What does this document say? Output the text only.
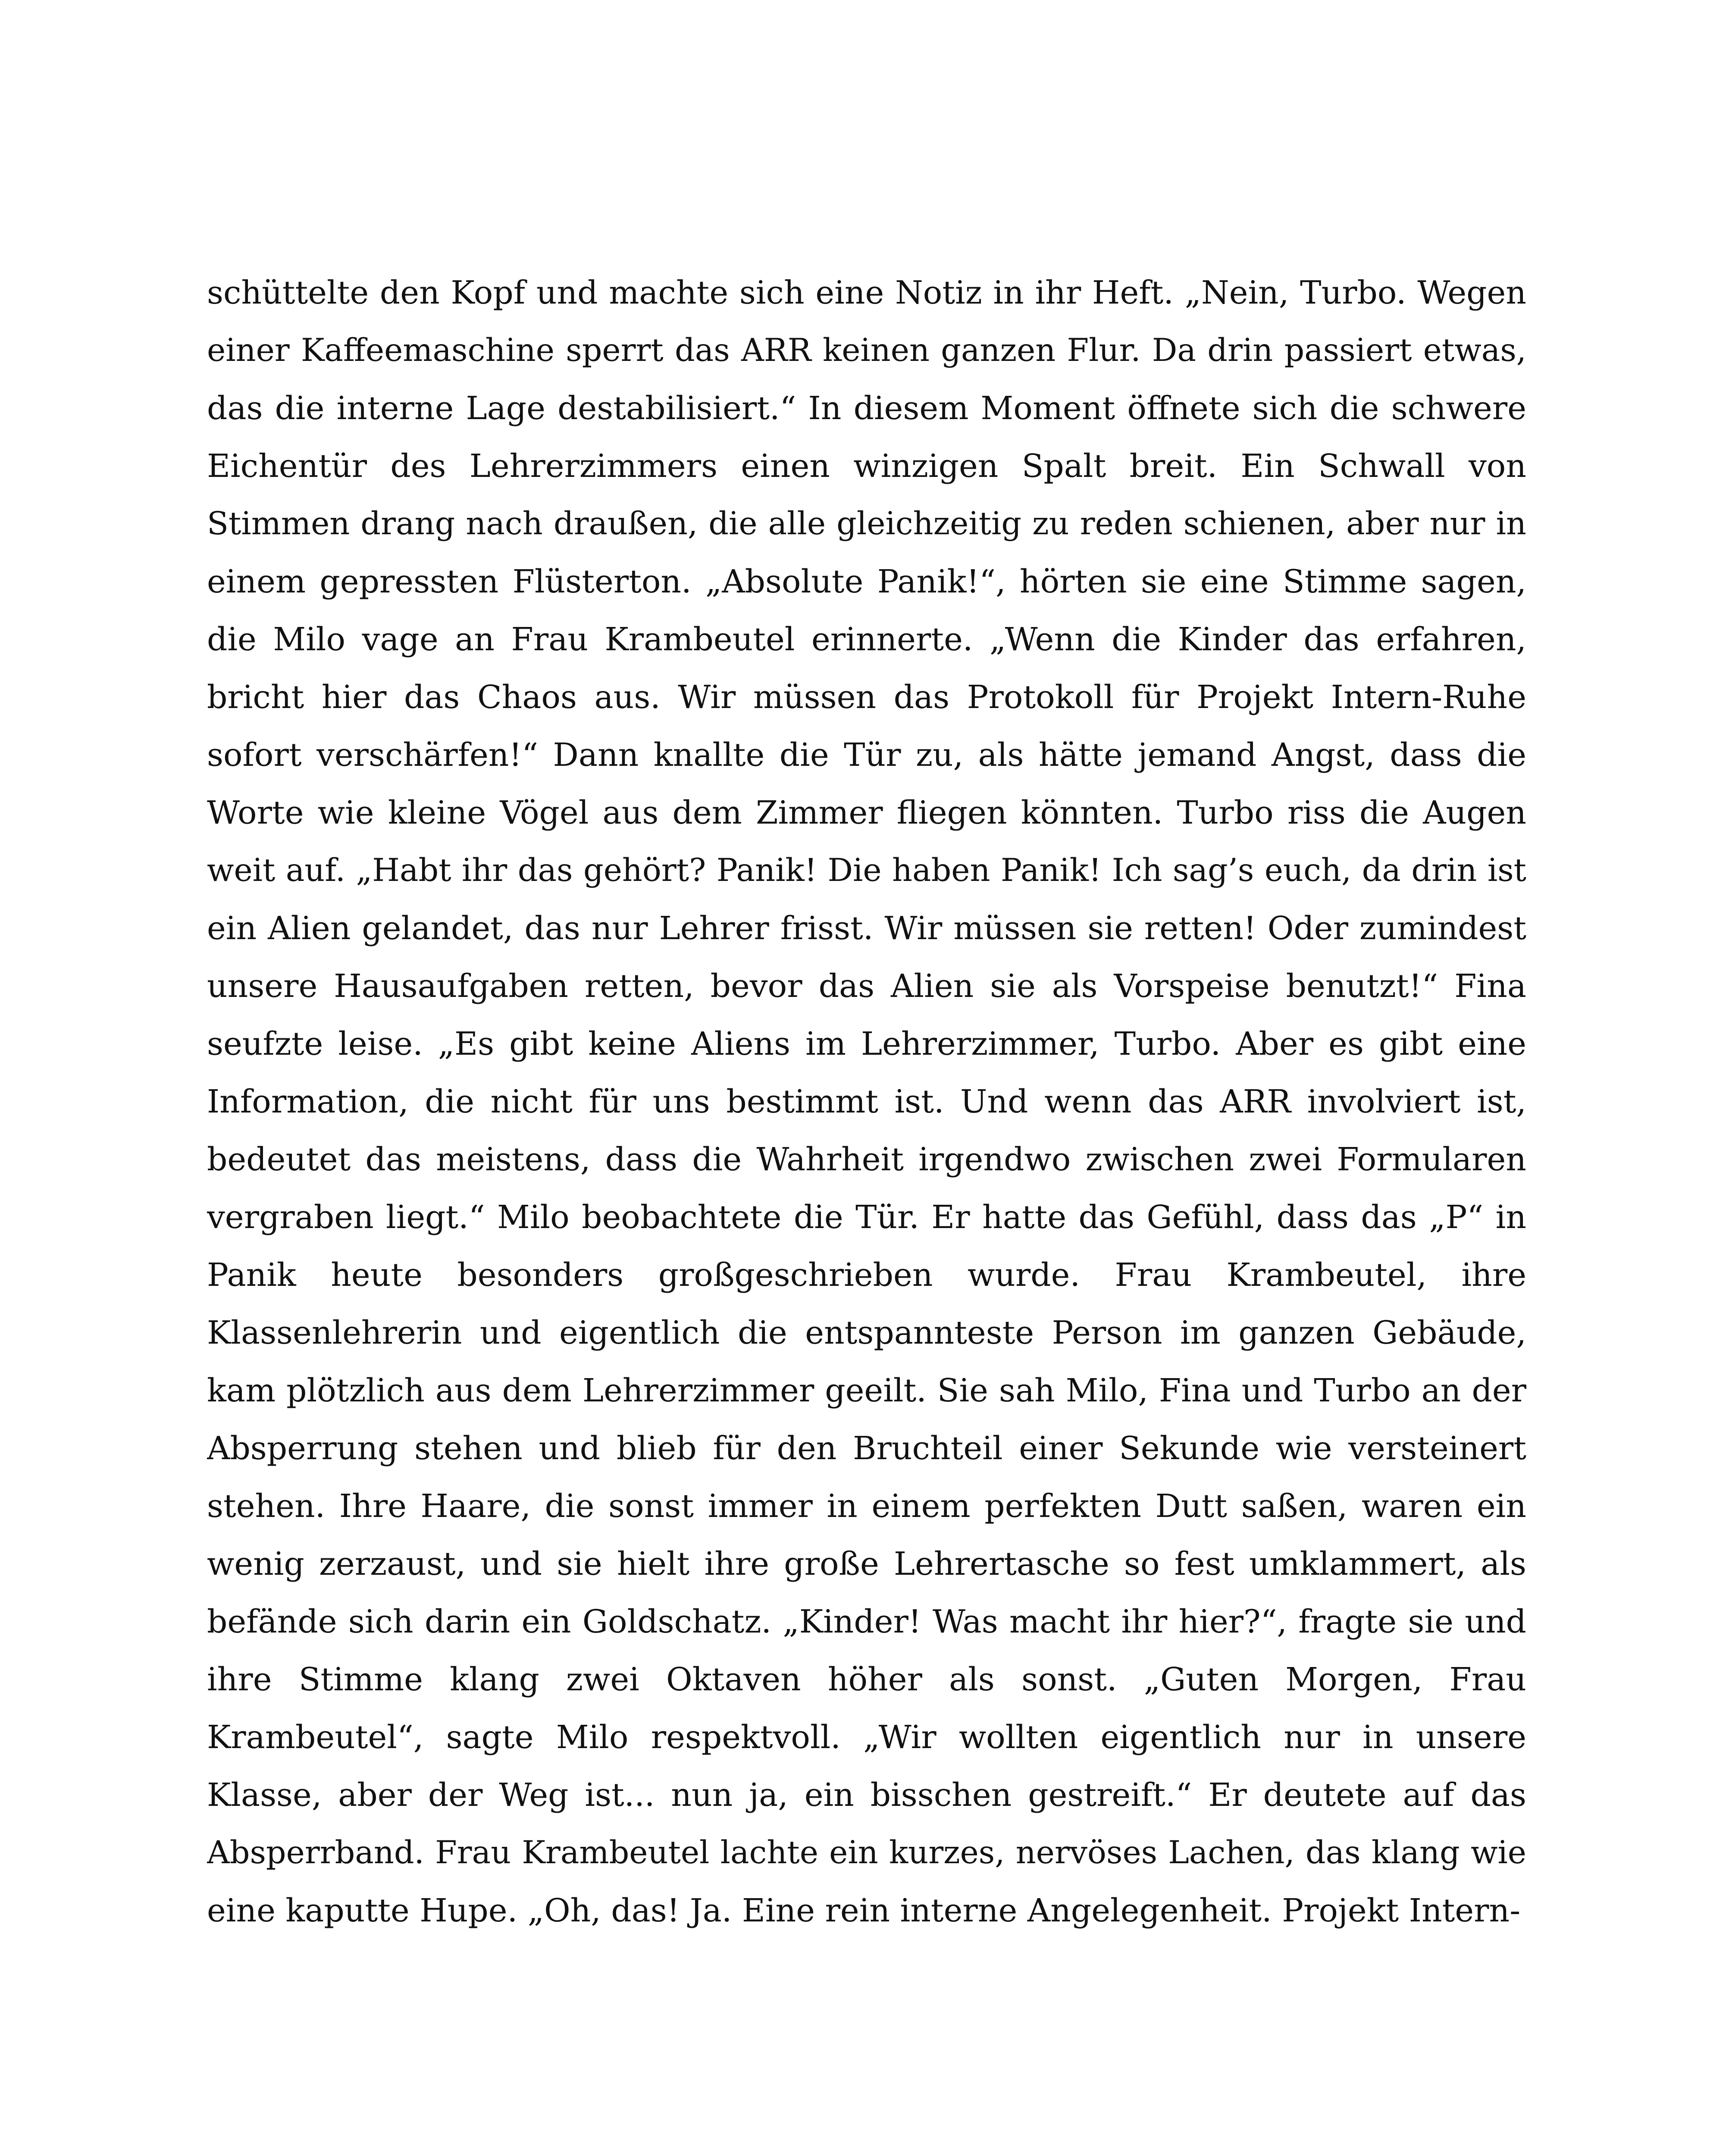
schüttelte den Kopf und machte sich eine Notiz in ihr Heft. „Nein, Turbo. Wegen
einer Kaffeemaschine sperrt das ARR keinen ganzen Flur. Da drin passiert etwas,
das die interne Lage destabilisiert.“ In diesem Moment öffnete sich die schwere
Eichentür des Lehrerzimmers einen winzigen Spalt breit. Ein Schwall von
Stimmen drang nach draußen, die alle gleichzeitig zu reden schienen, aber nur in
einem gepressten Flüsterton. „Absolute Panik!“, hörten sie eine Stimme sagen,
die Milo vage an Frau Krambeutel erinnerte. „Wenn die Kinder das erfahren,
bricht hier das Chaos aus. Wir müssen das Protokoll für Projekt Intern-Ruhe
sofort verschärfen!“ Dann knallte die Tür zu, als hätte jemand Angst, dass die
Worte wie kleine Vögel aus dem Zimmer fliegen könnten. Turbo riss die Augen
weit auf. „Habt ihr das gehört? Panik! Die haben Panik! Ich sag’s euch, da drin ist
ein Alien gelandet, das nur Lehrer frisst. Wir müssen sie retten! Oder zumindest
unsere Hausaufgaben retten, bevor das Alien sie als Vorspeise benutzt!“ Fina
seufzte leise. „Es gibt keine Aliens im Lehrerzimmer, Turbo. Aber es gibt eine
Information, die nicht für uns bestimmt ist. Und wenn das ARR involviert ist,
bedeutet das meistens, dass die Wahrheit irgendwo zwischen zwei Formularen
vergraben liegt.“ Milo beobachtete die Tür. Er hatte das Gefühl, dass das „P“ in
Panik heute besonders großgeschrieben wurde. Frau Krambeutel, ihre
Klassenlehrerin und eigentlich die entspannteste Person im ganzen Gebäude,
kam plötzlich aus dem Lehrerzimmer geeilt. Sie sah Milo, Fina und Turbo an der
Absperrung stehen und blieb für den Bruchteil einer Sekunde wie versteinert
stehen. Ihre Haare, die sonst immer in einem perfekten Dutt saßen, waren ein
wenig zerzaust, und sie hielt ihre große Lehrertasche so fest umklammert, als
befände sich darin ein Goldschatz. „Kinder! Was macht ihr hier?“, fragte sie und
ihre Stimme klang zwei Oktaven höher als sonst. „Guten Morgen, Frau
Krambeutel“, sagte Milo respektvoll. „Wir wollten eigentlich nur in unsere
Klasse, aber der Weg ist... nun ja, ein bisschen gestreift.“ Er deutete auf das
Absperrband. Frau Krambeutel lachte ein kurzes, nervöses Lachen, das klang wie
eine kaputte Hupe. „Oh, das! Ja. Eine rein interne Angelegenheit. Projekt Intern-
